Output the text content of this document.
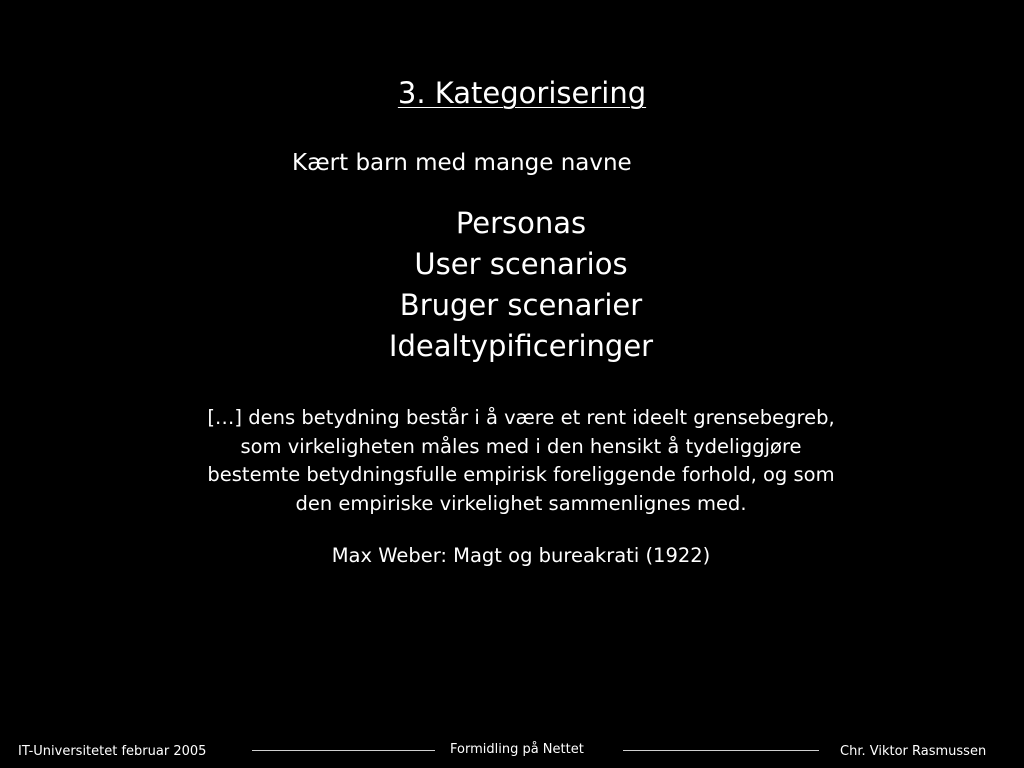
3. Kategorisering
Kært barn med mange navne
Personas
User scenarios
Bruger scenarier
Idealtypificeringer
[…] dens betydning består i å være et rent ideelt grensebegreb,
som virkeligheten måles med i den hensikt å tydeliggjøre
bestemte betydningsfulle empirisk foreliggende forhold, og som
den empiriske virkelighet sammenlignes med.
Max Weber: Magt og bureakrati (1922)
IT-Universitetet februar 2005	Formidling på Nettet	Chr. Viktor Rasmussen
